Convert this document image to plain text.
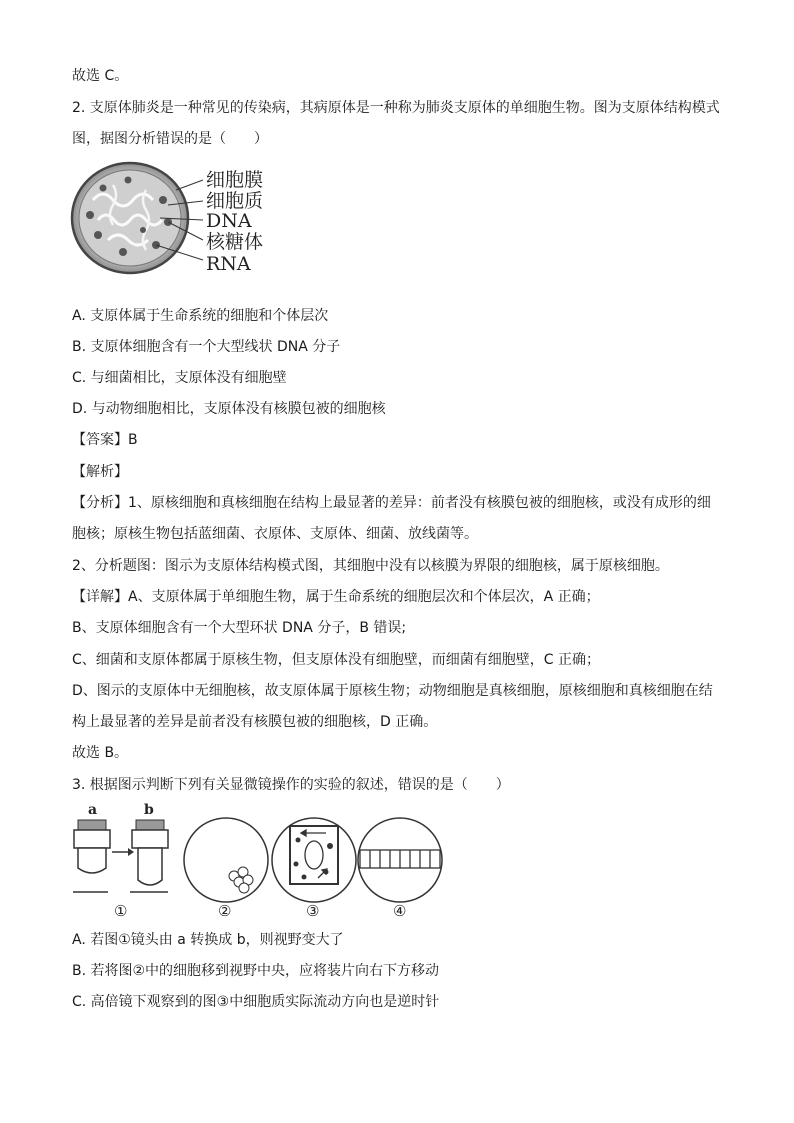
故选 C。
2. 支原体肺炎是一种常见的传染病，其病原体是一种称为肺炎支原体的单细胞生物。图为支原体结构模式
图，据图分析错误的是（　　）
细胞膜
细胞质
DNA
核糖体
RNA
A. 支原体属于生命系统的细胞和个体层次
B. 支原体细胞含有一个大型线状 DNA 分子
C. 与细菌相比，支原体没有细胞壁
D. 与动物细胞相比，支原体没有核膜包被的细胞核
【答案】B
【解析】
【分析】1、原核细胞和真核细胞在结构上最显著的差异：前者没有核膜包被的细胞核，或没有成形的细
胞核；原核生物包括蓝细菌、衣原体、支原体、细菌、放线菌等。
2、分析题图：图示为支原体结构模式图，其细胞中没有以核膜为界限的细胞核，属于原核细胞。
【详解】A、支原体属于单细胞生物，属于生命系统的细胞层次和个体层次，A 正确；
B、支原体细胞含有一个大型环状 DNA 分子，B 错误;
C、细菌和支原体都属于原核生物，但支原体没有细胞壁，而细菌有细胞壁，C 正确；
D、图示的支原体中无细胞核，故支原体属于原核生物；动物细胞是真核细胞，原核细胞和真核细胞在结
构上最显著的差异是前者没有核膜包被的细胞核，D 正确。
故选 B。
3. 根据图示判断下列有关显微镜操作的实验的叙述，错误的是（　　）
a	b
①	②	③	④
A. 若图①镜头由 a 转换成 b，则视野变大了
B. 若将图②中的细胞移到视野中央，应将装片向右下方移动
C. 高倍镜下观察到的图③中细胞质实际流动方向也是逆时针
